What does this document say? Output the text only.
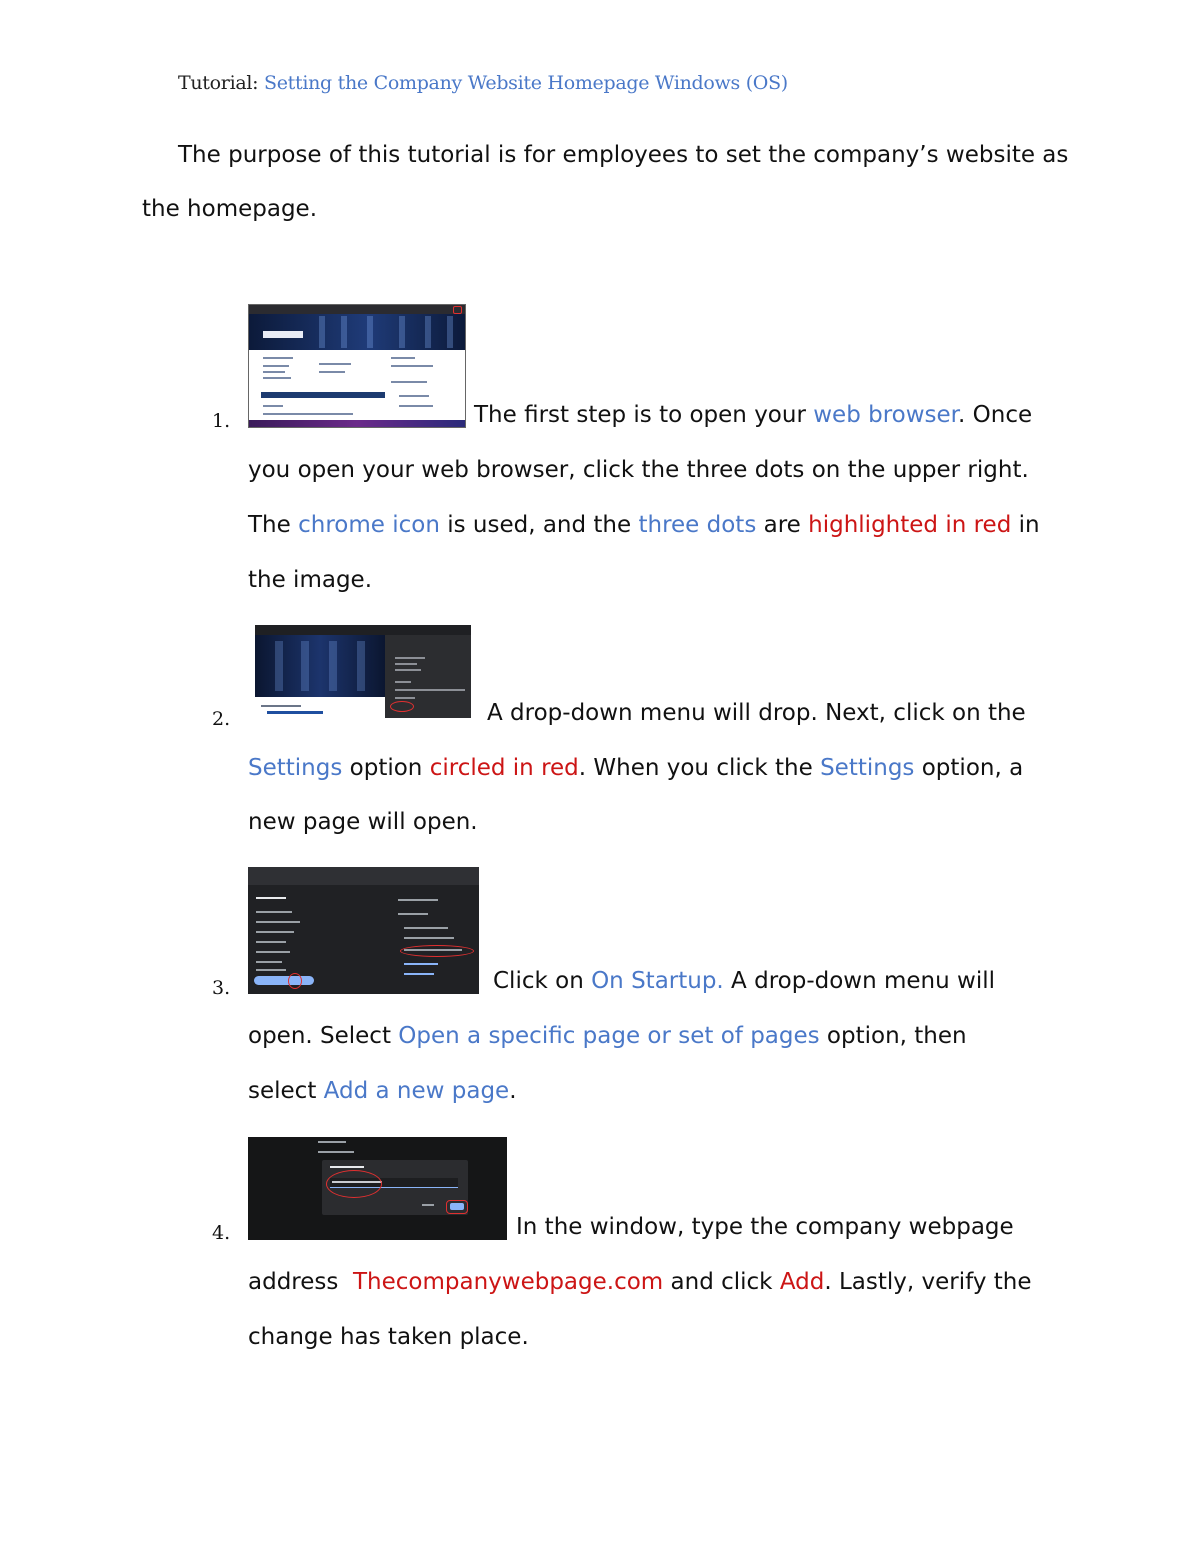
Tutorial: Setting the Company Website Homepage Windows (OS)
The purpose of this tutorial is for employees to set the company’s website as the homepage.
1.	The first step is to open your web browser. Once
you open your web browser, click the three dots on the upper right.
The chrome icon is used, and the three dots are highlighted in red in
the image.
2.	A drop-down menu will drop. Next, click on the
Settings option circled in red. When you click the Settings option, a
new page will open.
3.	Click on On Startup. A drop-down menu will
open. Select Open a specific page or set of pages option, then
select Add a new page.
4.	In the window, type the company webpage
address  Thecompanywebpage.com and click Add. Lastly, verify the
change has taken place.
